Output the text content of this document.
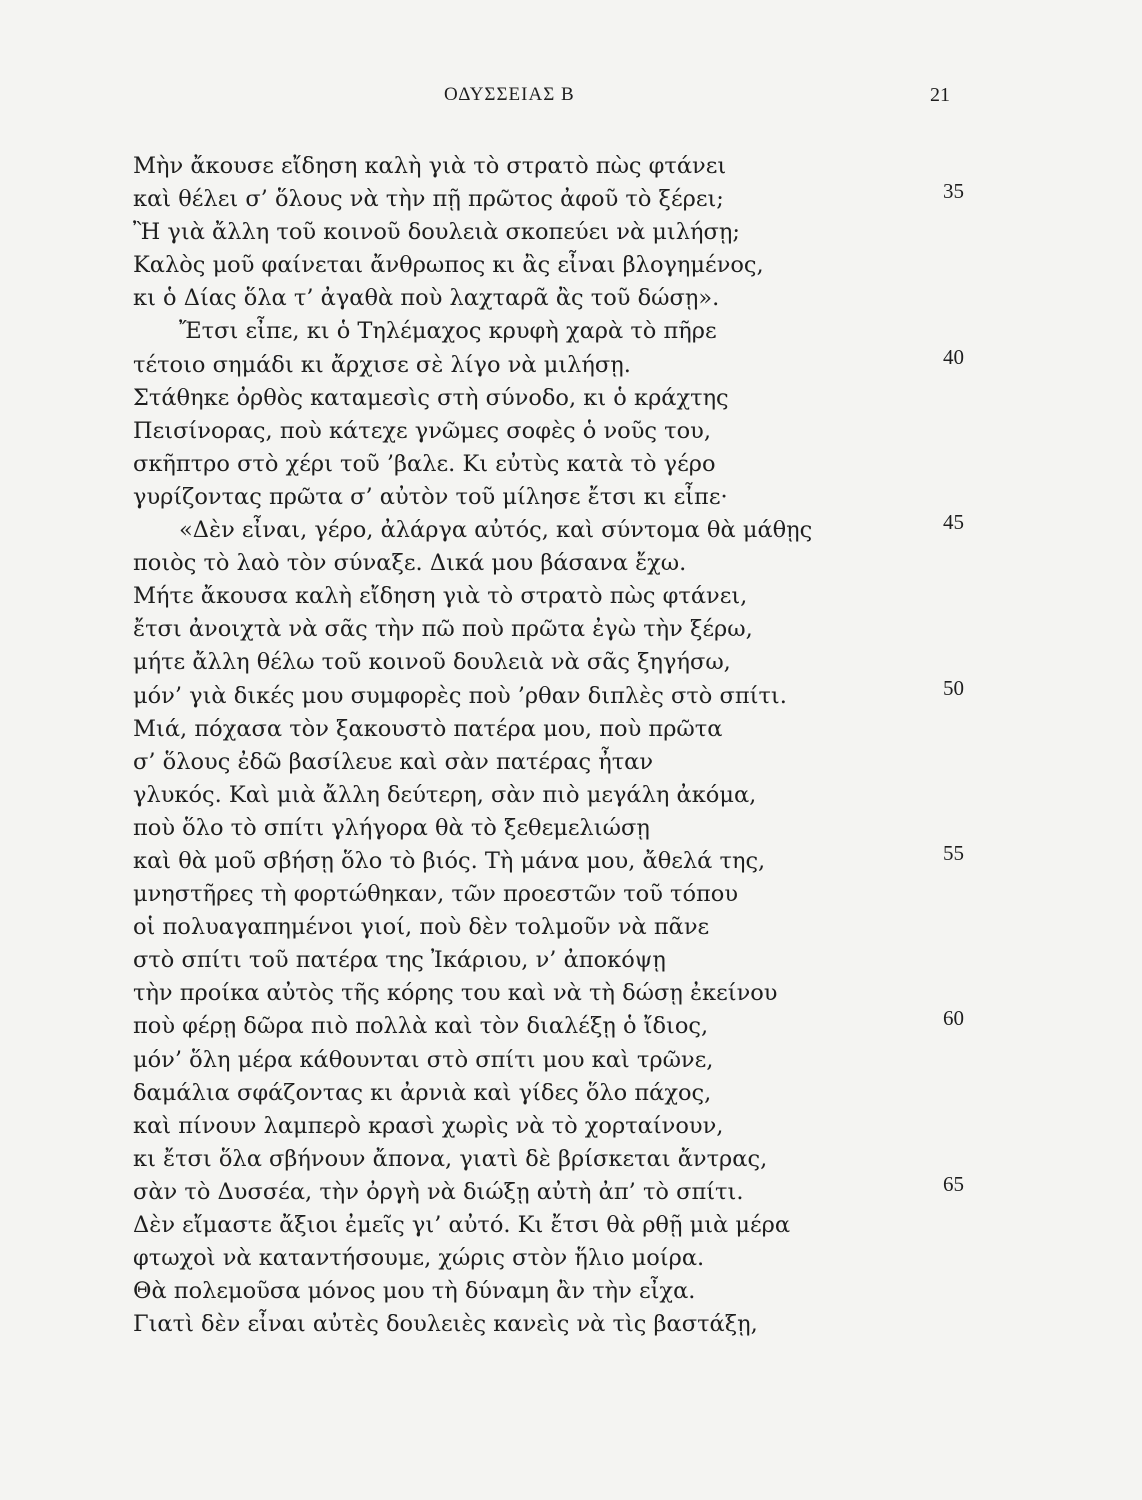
ΟΔΥΣΣΕΙΑΣ Β	21
Μὴν ἄκουσε εἴδηση καλὴ γιὰ τὸ στρατὸ πὼς φτάνει
καὶ θέλει σ’ ὅλους νὰ τὴν πῇ πρῶτος ἀφοῦ τὸ ξέρει;	35
Ἢ γιὰ ἄλλη τοῦ κοινοῦ δουλειὰ σκοπεύει νὰ μιλήσῃ;
Καλὸς μοῦ φαίνεται ἄνθρωπος κι ἂς εἶναι βλογημένος,
κι ὁ Δίας ὅλα τ’ ἀγαθὰ ποὺ λαχταρᾶ ἂς τοῦ δώσῃ».
Ἔτσι εἶπε, κι ὁ Τηλέμαχος κρυφὴ χαρὰ τὸ πῆρε
τέτοιο σημάδι κι ἄρχισε σὲ λίγο νὰ μιλήσῃ.	40
Στάθηκε ὀρθὸς καταμεσὶς στὴ σύνοδο, κι ὁ κράχτης
Πεισίνορας, ποὺ κάτεχε γνῶμες σοφὲς ὁ νοῦς του,
σκῆπτρο στὸ χέρι τοῦ ’βαλε. Κι εὐτὺς κατὰ τὸ γέρο
γυρίζοντας πρῶτα σ’ αὐτὸν τοῦ μίλησε ἔτσι κι εἶπε·
«Δὲν εἶναι, γέρο, ἀλάργα αὐτός, καὶ σύντομα θὰ μάθῃς	45
ποιὸς τὸ λαὸ τὸν σύναξε. Δικά μου βάσανα ἔχω.
Μήτε ἄκουσα καλὴ εἴδηση γιὰ τὸ στρατὸ πὼς φτάνει,
ἔτσι ἀνοιχτὰ νὰ σᾶς τὴν πῶ ποὺ πρῶτα ἐγὼ τὴν ξέρω,
μήτε ἄλλη θέλω τοῦ κοινοῦ δουλειὰ νὰ σᾶς ξηγήσω,
μόν’ γιὰ δικές μου συμφορὲς ποὺ ’ρθαν διπλὲς στὸ σπίτι.	50
Μιά, πόχασα τὸν ξακουστὸ πατέρα μου, ποὺ πρῶτα
σ’ ὅλους ἐδῶ βασίλευε καὶ σὰν πατέρας ἦταν
γλυκός. Καὶ μιὰ ἄλλη δεύτερη, σὰν πιὸ μεγάλη ἀκόμα,
ποὺ ὅλο τὸ σπίτι γλήγορα θὰ τὸ ξεθεμελιώσῃ
καὶ θὰ μοῦ σβήσῃ ὅλο τὸ βιός. Τὴ μάνα μου, ἄθελά της,	55
μνηστῆρες τὴ φορτώθηκαν, τῶν προεστῶν τοῦ τόπου
οἱ πολυαγαπημένοι γιοί, ποὺ δὲν τολμοῦν νὰ πᾶνε
στὸ σπίτι τοῦ πατέρα της Ἰκάριου, ν’ ἀποκόψῃ
τὴν προίκα αὐτὸς τῆς κόρης του καὶ νὰ τὴ δώσῃ ἐκείνου
ποὺ φέρῃ δῶρα πιὸ πολλὰ καὶ τὸν διαλέξῃ ὁ ἴδιος,	60
μόν’ ὅλη μέρα κάθουνται στὸ σπίτι μου καὶ τρῶνε,
δαμάλια σφάζοντας κι ἀρνιὰ καὶ γίδες ὅλο πάχος,
καὶ πίνουν λαμπερὸ κρασὶ χωρὶς νὰ τὸ χορταίνουν,
κι ἔτσι ὅλα σβήνουν ἄπονα, γιατὶ δὲ βρίσκεται ἄντρας,
σὰν τὸ Δυσσέα, τὴν ὀργὴ νὰ διώξῃ αὐτὴ ἀπ’ τὸ σπίτι.	65
Δὲν εἴμαστε ἄξιοι ἐμεῖς γι’ αὐτό. Κι ἔτσι θὰ ρθῇ μιὰ μέρα
φτωχοὶ νὰ καταντήσουμε, χώρις στὸν ἥλιο μοίρα.
Θὰ πολεμοῦσα μόνος μου τὴ δύναμη ἂν τὴν εἶχα.
Γιατὶ δὲν εἶναι αὐτὲς δουλειὲς κανεὶς νὰ τὶς βαστάξῃ,
